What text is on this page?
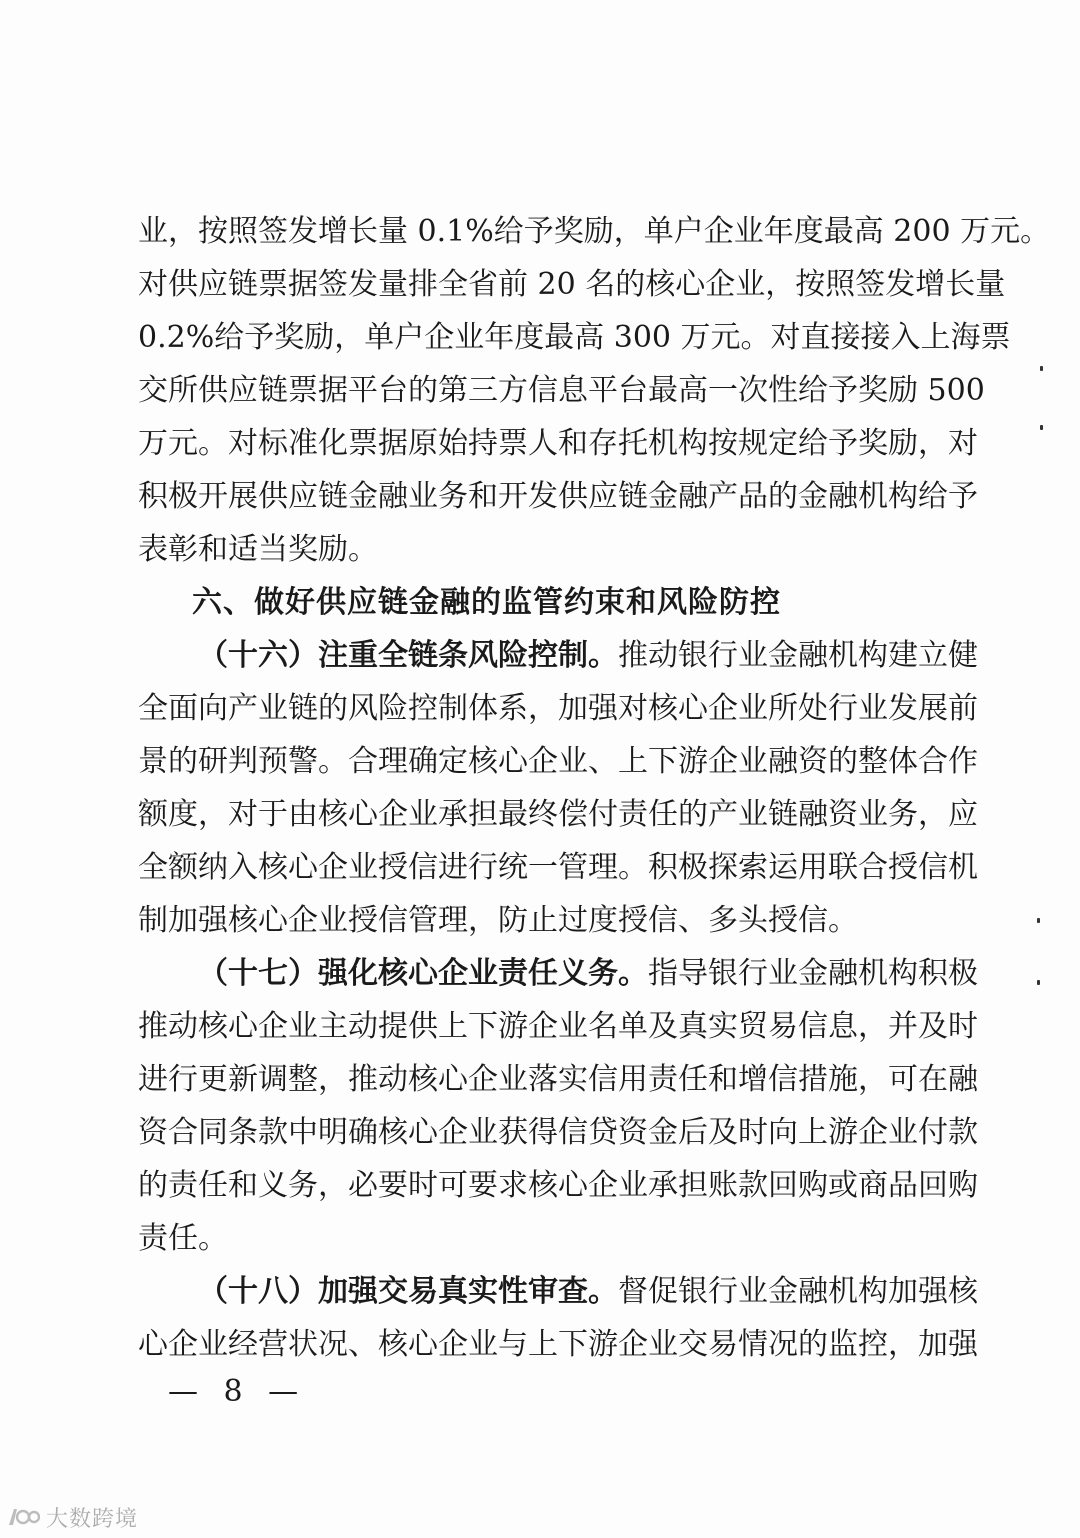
业，按照签发增长量 0.1%给予奖励，单户企业年度最高 200 万元。
对供应链票据签发量排全省前 20 名的核心企业，按照签发增长量
0.2%给予奖励，单户企业年度最高 300 万元。对直接接入上海票
交所供应链票据平台的第三方信息平台最高一次性给予奖励 500
万元。对标准化票据原始持票人和存托机构按规定给予奖励，对
积极开展供应链金融业务和开发供应链金融产品的金融机构给予
表彰和适当奖励。
六、做好供应链金融的监管约束和风险防控
（十六）注重全链条风险控制。推动银行业金融机构建立健
全面向产业链的风险控制体系，加强对核心企业所处行业发展前
景的研判预警。合理确定核心企业、上下游企业融资的整体合作
额度，对于由核心企业承担最终偿付责任的产业链融资业务，应
全额纳入核心企业授信进行统一管理。积极探索运用联合授信机
制加强核心企业授信管理，防止过度授信、多头授信。
（十七）强化核心企业责任义务。指导银行业金融机构积极
推动核心企业主动提供上下游企业名单及真实贸易信息，并及时
进行更新调整，推动核心企业落实信用责任和增信措施，可在融
资合同条款中明确核心企业获得信贷资金后及时向上游企业付款
的责任和义务，必要时可要求核心企业承担账款回购或商品回购
责任。
（十八）加强交易真实性审查。督促银行业金融机构加强核
心企业经营状况、核心企业与上下游企业交易情况的监控，加强
— 8 —
大数跨境
